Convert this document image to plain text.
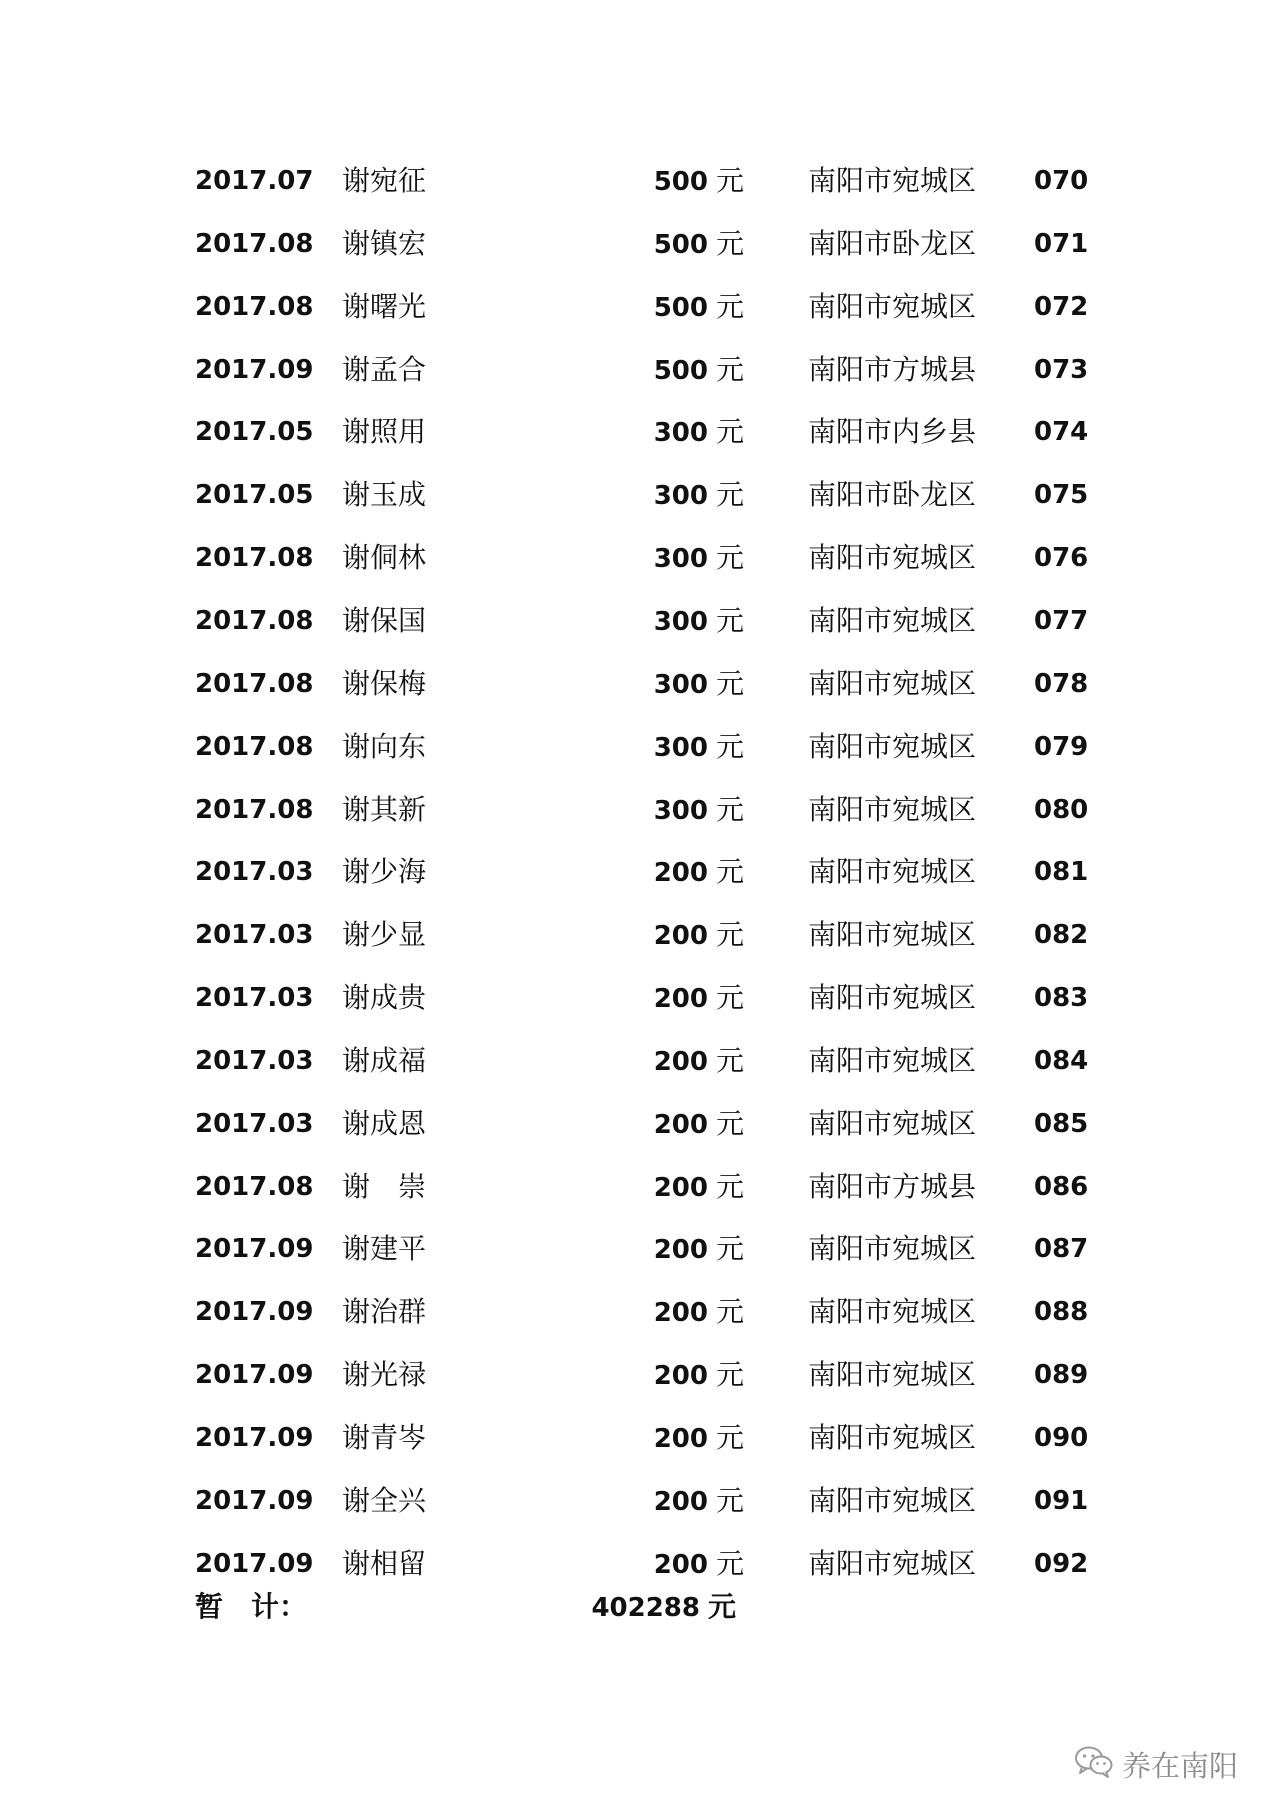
2017.07 谢宛征	500 元 南阳市宛城区	070
2017.08 谢镇宏	500 元 南阳市卧龙区	071
2017.08 谢曙光	500 元 南阳市宛城区	072
2017.09 谢孟合	500 元 南阳市方城县	073
2017.05 谢照用	300 元 南阳市内乡县	074
2017.05 谢玉成	300 元 南阳市卧龙区	075
2017.08 谢侗林	300 元 南阳市宛城区	076
2017.08 谢保国	300 元 南阳市宛城区	077
2017.08 谢保梅	300 元 南阳市宛城区	078
2017.08 谢向东	300 元 南阳市宛城区	079
2017.08 谢其新	300 元 南阳市宛城区	080
2017.03 谢少海	200 元 南阳市宛城区	081
2017.03 谢少显	200 元 南阳市宛城区	082
2017.03 谢成贵	200 元 南阳市宛城区	083
2017.03 谢成福	200 元 南阳市宛城区	084
2017.03 谢成恩	200 元 南阳市宛城区	085
2017.08 谢　崇	200 元 南阳市方城县	086
2017.09 谢建平	200 元 南阳市宛城区	087
2017.09 谢治群	200 元 南阳市宛城区	088
2017.09 谢光禄	200 元 南阳市宛城区	089
2017.09 谢青岑	200 元 南阳市宛城区	090
2017.09 谢全兴	200 元 南阳市宛城区	091
2017.09 谢相留	200 元 南阳市宛城区	092
暂　计：	402288 元
养在南阳
